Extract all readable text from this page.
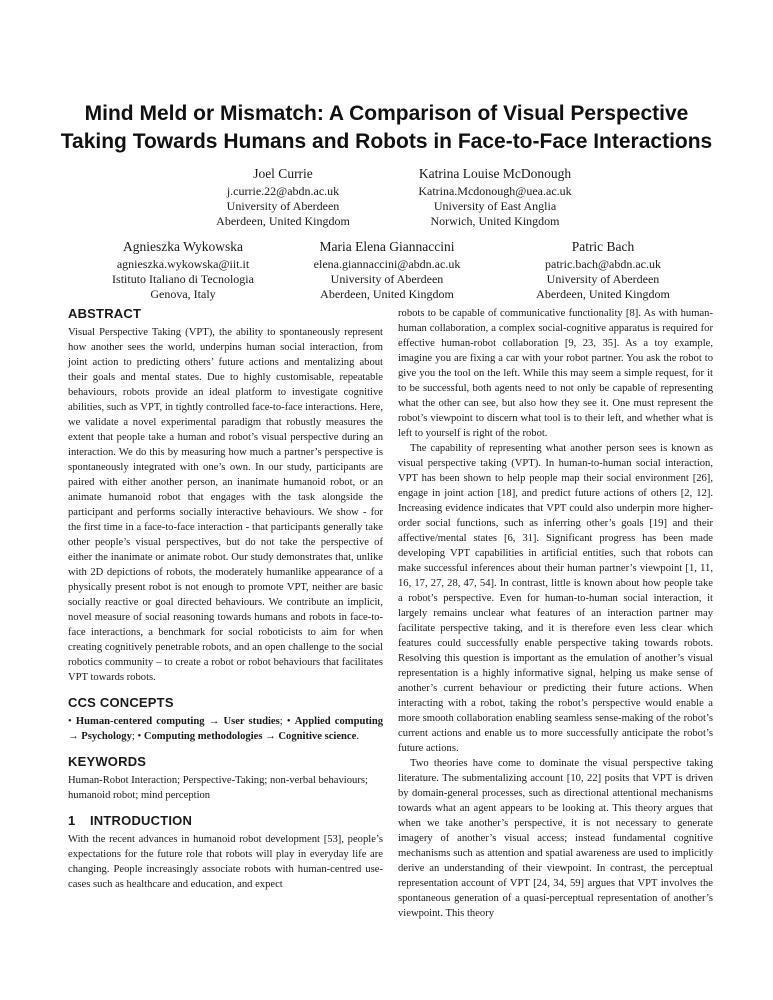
Mind Meld or Mismatch: A Comparison of Visual Perspective
Taking Towards Humans and Robots in Face-to-Face Interactions
Joel Currie
j.currie.22@abdn.ac.uk
University of Aberdeen
Aberdeen, United Kingdom
Katrina Louise McDonough
Katrina.Mcdonough@uea.ac.uk
University of East Anglia
Norwich, United Kingdom
Agnieszka Wykowska
agnieszka.wykowska@iit.it
Istituto Italiano di Tecnologia
Genova, Italy
Maria Elena Giannaccini
elena.giannaccini@abdn.ac.uk
University of Aberdeen
Aberdeen, United Kingdom
Patric Bach
patric.bach@abdn.ac.uk
University of Aberdeen
Aberdeen, United Kingdom
ABSTRACT

Visual Perspective Taking (VPT), the ability to spontaneously represent how another sees the world, underpins human social interaction, from joint action to predicting others’ future actions and mentalizing about their goals and mental states. Due to highly customisable, repeatable behaviours, robots provide an ideal platform to investigate cognitive abilities, such as VPT, in tightly controlled face-to-face interactions. Here, we validate a novel experimental paradigm that robustly measures the extent that people take a human and robot’s visual perspective during an interaction. We do this by measuring how much a partner’s perspective is spontaneously integrated with one’s own. In our study, participants are paired with either another person, an inanimate humanoid robot, or an animate humanoid robot that engages with the task alongside the participant and performs socially interactive behaviours. We show - for the first time in a face-to-face interaction - that participants generally take other people’s visual perspectives, but do not take the perspective of either the inanimate or animate robot. Our study demonstrates that, unlike with 2D depictions of robots, the moderately humanlike appearance of a physically present robot is not enough to promote VPT, neither are basic socially reactive or goal directed behaviours. We contribute an implicit, novel measure of social reasoning towards humans and robots in face-to-face interactions, a benchmark for social roboticists to aim for when creating cognitively penetrable robots, and an open challenge to the social robotics community – to create a robot or robot behaviours that facilitates VPT towards robots.

CCS CONCEPTS

• Human-centered computing → User studies; • Applied computing → Psychology; • Computing methodologies → Cognitive science.

KEYWORDS

Human-Robot Interaction; Perspective-Taking; non-verbal behaviours; humanoid robot; mind perception

1 INTRODUCTION

With the recent advances in humanoid robot development [53], people’s expectations for the future role that robots will play in everyday life are changing. People increasingly associate robots with human-centred use-cases such as healthcare and education, and expect

robots to be capable of communicative functionality [8]. As with human-human collaboration, a complex social-cognitive apparatus is required for effective human-robot collaboration [9, 23, 35]. As a toy example, imagine you are fixing a car with your robot partner. You ask the robot to give you the tool on the left. While this may seem a simple request, for it to be successful, both agents need to not only be capable of representing what the other can see, but also how they see it. One must represent the robot’s viewpoint to discern what tool is to their left, and whether what is left to yourself is right of the robot.

The capability of representing what another person sees is known as visual perspective taking (VPT). In human-to-human social interaction, VPT has been shown to help people map their social environment [26], engage in joint action [18], and predict future actions of others [2, 12]. Increasing evidence indicates that VPT could also underpin more higher-order social functions, such as inferring other’s goals [19] and their affective/mental states [6, 31]. Significant progress has been made developing VPT capabilities in artificial entities, such that robots can make successful inferences about their human partner’s viewpoint [1, 11, 16, 17, 27, 28, 47, 54]. In contrast, little is known about how people take a robot’s perspective. Even for human-to-human social interaction, it largely remains unclear what features of an interaction partner may facilitate perspective taking, and it is therefore even less clear which features could successfully enable perspective taking towards robots. Resolving this question is important as the emulation of another’s visual representation is a highly informative signal, helping us make sense of another’s current behaviour or predicting their future actions. When interacting with a robot, taking the robot’s perspective would enable a more smooth collaboration enabling seamless sense-making of the robot’s current actions and enable us to more successfully anticipate the robot’s future actions.

Two theories have come to dominate the visual perspective taking literature. The submentalizing account [10, 22] posits that VPT is driven by domain-general processes, such as directional attentional mechanisms towards what an agent appears to be looking at. This theory argues that when we take another’s perspective, it is not necessary to generate imagery of another’s visual access; instead fundamental cognitive mechanisms such as attention and spatial awareness are used to implicitly derive an understanding of their viewpoint. In contrast, the perceptual representation account of VPT [24, 34, 59] argues that VPT involves the spontaneous generation of a quasi-perceptual representation of another’s viewpoint. This theory
